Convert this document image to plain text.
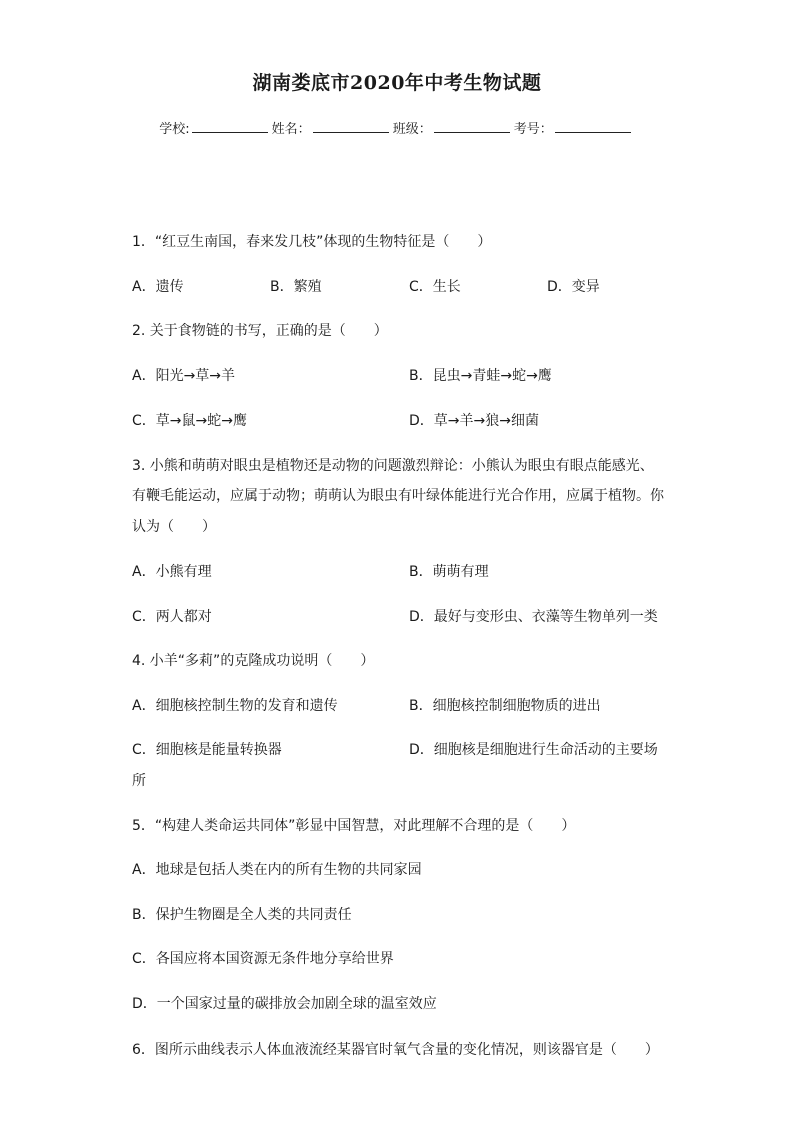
湖南娄底市2020年中考生物试题
学校:	姓名：	班级：	考号：
1．“红豆生南国，春来发几枝”体现的生物特征是（　　）
A．遗传	B．繁殖	C．生长	D．变异
2. 关于食物链的书写，正确的是（　　）
A．阳光→草→羊	B．昆虫→青蛙→蛇→鹰
C．草→鼠→蛇→鹰	D．草→羊→狼→细菌
3. 小熊和萌萌对眼虫是植物还是动物的问题激烈辩论：小熊认为眼虫有眼点能感光、
有鞭毛能运动，应属于动物；萌萌认为眼虫有叶绿体能进行光合作用，应属于植物。你
认为（　　）
A．小熊有理	B．萌萌有理
C．两人都对	D．最好与变形虫、衣藻等生物单列一类
4. 小羊“多莉”的克隆成功说明（　　）
A．细胞核控制生物的发育和遗传	B．细胞核控制细胞物质的进出
C．细胞核是能量转换器	D．细胞核是细胞进行生命活动的主要场
所
5．“构建人类命运共同体”彰显中国智慧，对此理解不合理的是（　　）
A．地球是包括人类在内的所有生物的共同家园
B．保护生物圈是全人类的共同责任
C．各国应将本国资源无条件地分享给世界
D．一个国家过量的碳排放会加剧全球的温室效应
6．图所示曲线表示人体血液流经某器官时氧气含量的变化情况，则该器官是（　　）
